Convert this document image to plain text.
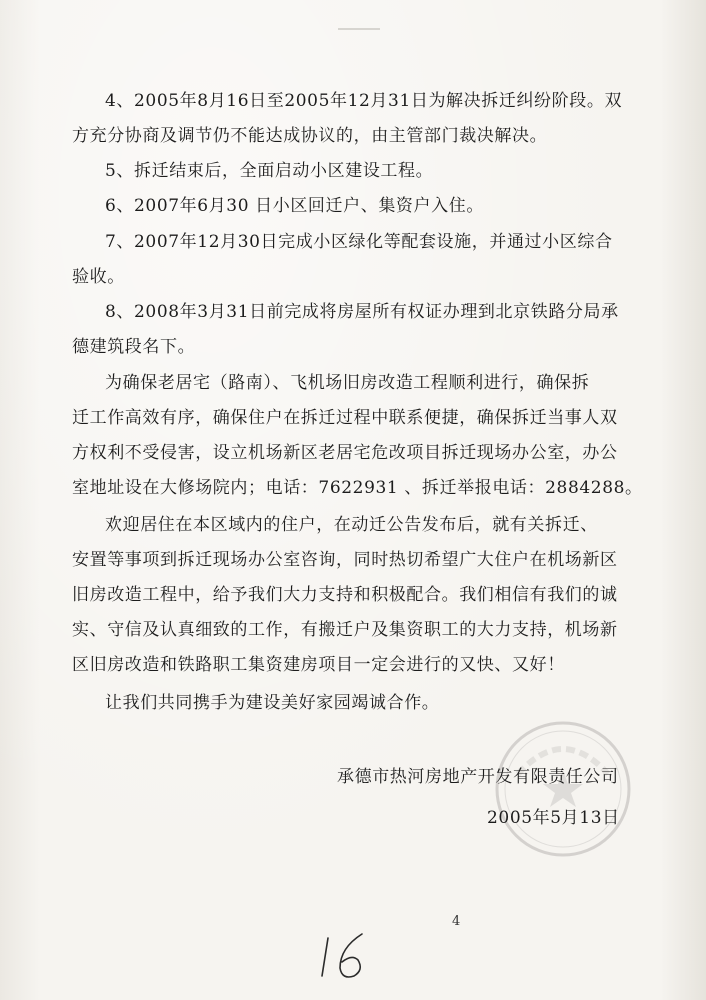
4、2005年8月16日至2005年12月31日为解决拆迁纠纷阶段。双
方充分协商及调节仍不能达成协议的，由主管部门裁决解决。
5、拆迁结束后，全面启动小区建设工程。
6、2007年6月30 日小区回迁户、集资户入住。
7、2007年12月30日完成小区绿化等配套设施，并通过小区综合
验收。
8、2008年3月31日前完成将房屋所有权证办理到北京铁路分局承
德建筑段名下。
为确保老居宅（路南）、飞机场旧房改造工程顺利进行，确保拆
迁工作高效有序，确保住户在拆迁过程中联系便捷，确保拆迁当事人双
方权利不受侵害，设立机场新区老居宅危改项目拆迁现场办公室，办公
室地址设在大修场院内；电话：7622931 、拆迁举报电话：2884288。
欢迎居住在本区域内的住户，在动迁公告发布后，就有关拆迁、
安置等事项到拆迁现场办公室咨询，同时热切希望广大住户在机场新区
旧房改造工程中，给予我们大力支持和积极配合。我们相信有我们的诚
实、守信及认真细致的工作，有搬迁户及集资职工的大力支持，机场新
区旧房改造和铁路职工集资建房项目一定会进行的又快、又好！
让我们共同携手为建设美好家园竭诚合作。
承德市热河房地产开发有限责任公司
2005年5月13日
4
